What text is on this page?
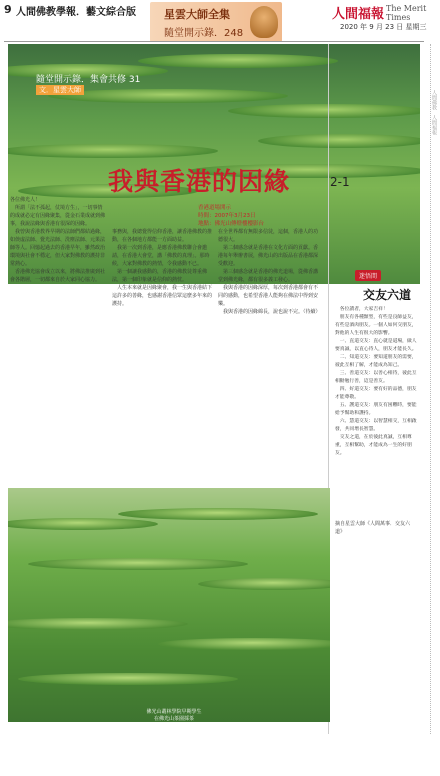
9 人間佛教學報．藝文綜合版	星雲大師全集
隨堂開示錄．248
人間福報 The Merit Times
2020 年 9 月 23 日 星期三
隨堂開示錄．集會共修 31
文．星雲大師
我與香港的因緣	2-1
香港道場開示
時間：2007年3月23日
地點：佛光山傳燈樓樓影台
各位佛光人！
　所謂「法不孤起，仗境方生」，一切事情的成就必定有因緣聚集，從金石業成就到佛事，我說法緣與香港有很深的因緣。
　我曾與香港教界早期的法師們都結過緣，如倓虛法師、覺光法師、洗塵法師、元果法師等人。回憶起過去的香港早年，雖然政治環境與社會不穩定，但大家對佛教的護持非常熱心。
　香港佛光協會成立以來，將佛法推廣到社會各階層，一切都來自於大家同心協力。
事務與，我總覺得信仰香港，讓香港佛教的推動，在各個地方都能一方面助益。
　我第一次到香港，是應香港佛教聯合會邀請，在香港大會堂，講「佛教的真理」。那時候，大家對佛教的熱情，令我感動不已。
　第一個讓我感動的，香港的佛教徒尊重佛法，第一個印象就是信仰的熱忱。
　人生本來就是因緣聚會，我一生與香港結下這許多的善緣，也感謝香港信眾這麼多年來的護持。
在全世界都有無限多信徒，這個，香港人的功德很大。
　第二個感念就是香港在文化方面的貢獻。香港每年舉辦書展，佛光山的出版品在香港都深受歡迎。
　第三個感念就是香港的佛光道場，從佛香講堂到佛光緣，都有很多義工發心。
　我與香港的因緣深厚，每次到香港都會有不同的感動，也希望香港人能夠在佛法中得到安樂。
　我與香港的因緣綿長，說也說不完。（待續）
迷悟間
交友六道
　各位讀者，大家吉祥！
　朋友有各種類型，有些是良師益友，有些是酒肉朋友。一個人如何交朋友，對他的人生有很大的影響。
　一、直道交友：直心就是道場，做人要真誠，以直心待人，朋友才能長久。
　二、知道交友：要知道朋友的需要，彼此互相了解，才能成為知己。
　三、善道交友：以善心相待，彼此互相勸勉行善，這是善友。
　四、好道交友：要有好的品德，朋友才能尊敬。
　五、護道交友：朋友有困難時，要能給予幫助和護持。
　六、慧道交友：以智慧相交，互相啟發，共同增長智慧。
　交友之道，在於彼此真誠，互相尊重，互相幫助，才能成為一生的好朋友。
摘自星雲大師《人間萬事．交友六道》
佛光山叢林學院早期學生
在佛光山茶園採茶
茶園
人間佛教　人間福報
